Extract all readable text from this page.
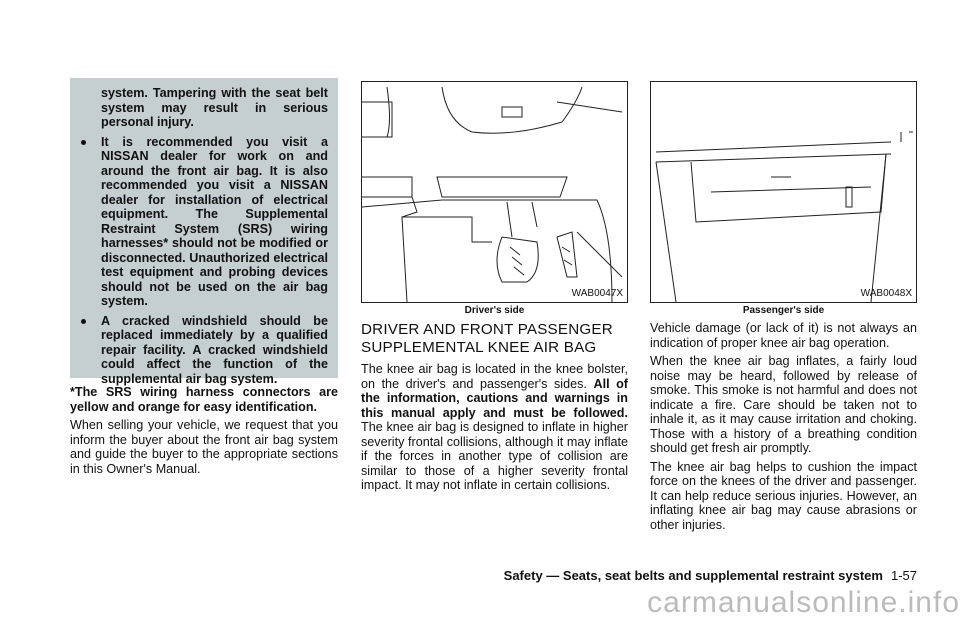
system. Tampering with the seat belt system may result in serious personal injury.

It is recommended you visit a NISSAN dealer for work on and around the front air bag. It is also recommended you visit a NISSAN dealer for installation of electrical equipment. The Supplemental Restraint System (SRS) wiring harnesses* should not be modified or disconnected. Unauthorized electrical test equipment and probing devices should not be used on the air bag system.

A cracked windshield should be replaced immediately by a qualified repair facility. A cracked windshield could affect the function of the supplemental air bag system.

*The SRS wiring harness connectors are yellow and orange for easy identification.

When selling your vehicle, we request that you inform the buyer about the front air bag system and guide the buyer to the appropriate sections in this Owner's Manual.

WAB0047X
Driver's side
WAB0048X
Passenger's side
DRIVER AND FRONT PASSENGER SUPPLEMENTAL KNEE AIR BAG

The knee air bag is located in the knee bolster, on the driver's and passenger's sides. All of the information, cautions and warnings in this manual apply and must be followed. The knee air bag is designed to inflate in higher severity frontal collisions, although it may inflate if the forces in another type of collision are similar to those of a higher severity frontal impact. It may not inflate in certain collisions.

Vehicle damage (or lack of it) is not always an indication of proper knee air bag operation.

When the knee air bag inflates, a fairly loud noise may be heard, followed by release of smoke. This smoke is not harmful and does not indicate a fire. Care should be taken not to inhale it, as it may cause irritation and choking. Those with a history of a breathing condition should get fresh air promptly.

The knee air bag helps to cushion the impact force on the knees of the driver and passenger. It can help reduce serious injuries. However, an inflating knee air bag may cause abrasions or other injuries.

Safety — Seats, seat belts and supplemental restraint system 1-57
carmanualsonline.info
